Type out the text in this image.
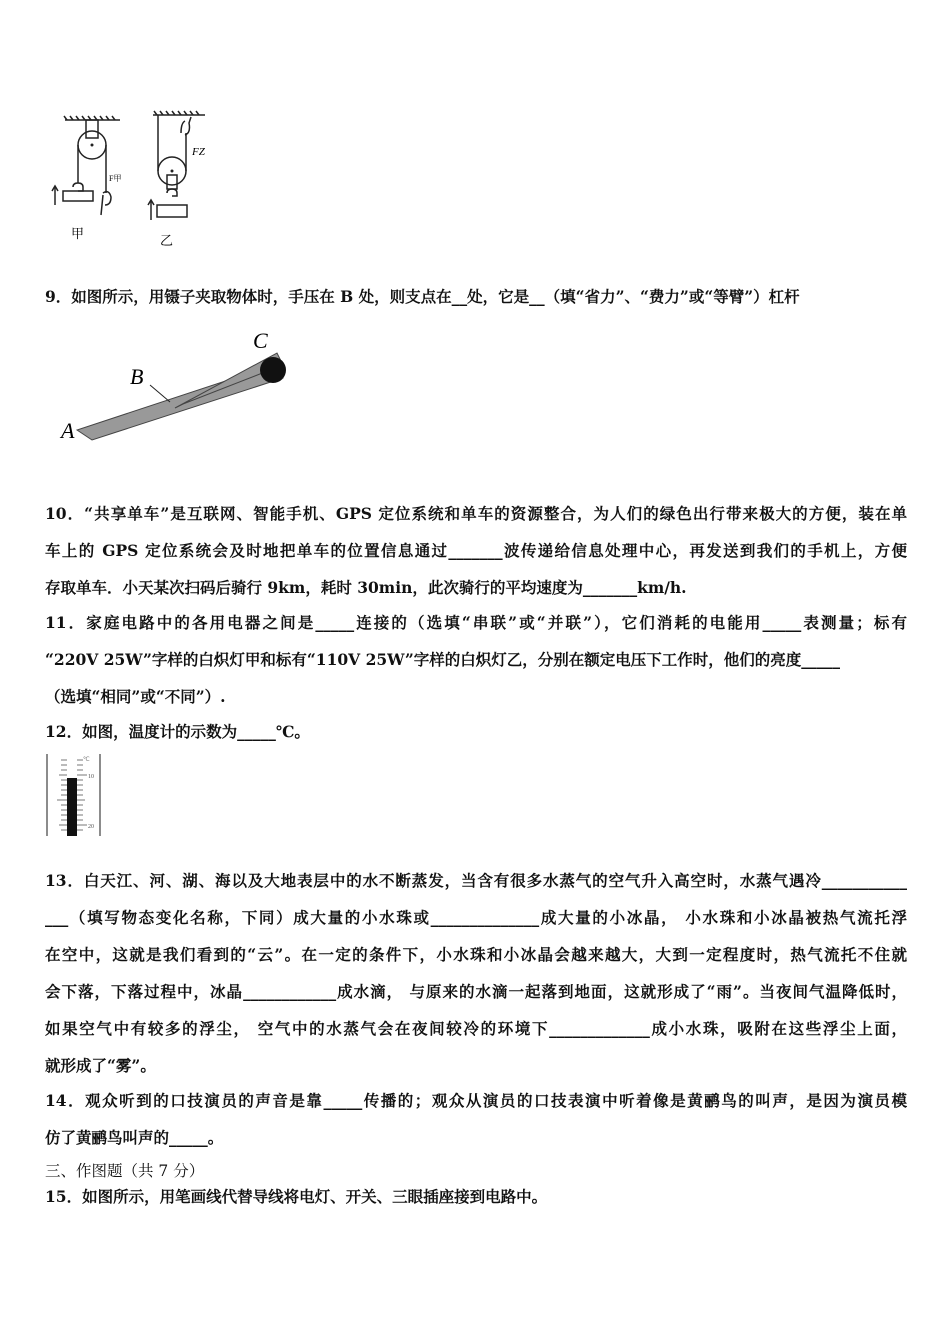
F甲
FZ
甲	乙
9．如图所示，用镊子夹取物体时，手压在 B 处，则支点在__处，它是__（填“省力”、“费力”或“等臂”）杠杆
A
B
C
10．“共享单车”是互联网、智能手机、GPS 定位系统和单车的资源整合，为人们的绿色出行带来极大的方便，装在单
车上的 GPS 定位系统会及时地把单车的位置信息通过_______波传递给信息处理中心，再发送到我们的手机上，方便
存取单车．小天某次扫码后骑行 9km，耗时 30min，此次骑行的平均速度为_______km/h.
11．家庭电路中的各用电器之间是_____连接的（选填“串联”或“并联”），它们消耗的电能用_____表测量；标有
“220V 25W”字样的白炽灯甲和标有“110V 25W”字样的白炽灯乙，分别在额定电压下工作时，他们的亮度_____
（选填“相同”或“不同”）.
12．如图，温度计的示数为_____℃。
℃
10
20
13．白天江、河、湖、海以及大地表层中的水不断蒸发，当含有很多水蒸气的空气升入高空时，水蒸气遇冷___________
___（填写物态变化名称，下同）成大量的小水珠或______________成大量的小冰晶， 小水珠和小冰晶被热气流托浮
在空中，这就是我们看到的“云”。在一定的条件下，小水珠和小冰晶会越来越大，大到一定程度时，热气流托不住就
会下落，下落过程中，冰晶____________成水滴， 与原来的水滴一起落到地面，这就形成了“雨”。当夜间气温降低时，
如果空气中有较多的浮尘， 空气中的水蒸气会在夜间较冷的环境下_____________成小水珠，吸附在这些浮尘上面，
就形成了“雾”。
14．观众听到的口技演员的声音是靠_____传播的；观众从演员的口技表演中听着像是黄鹂鸟的叫声，是因为演员模
仿了黄鹂鸟叫声的_____。
三、作图题（共 7 分）
15．如图所示，用笔画线代替导线将电灯、开关、三眼插座接到电路中。
